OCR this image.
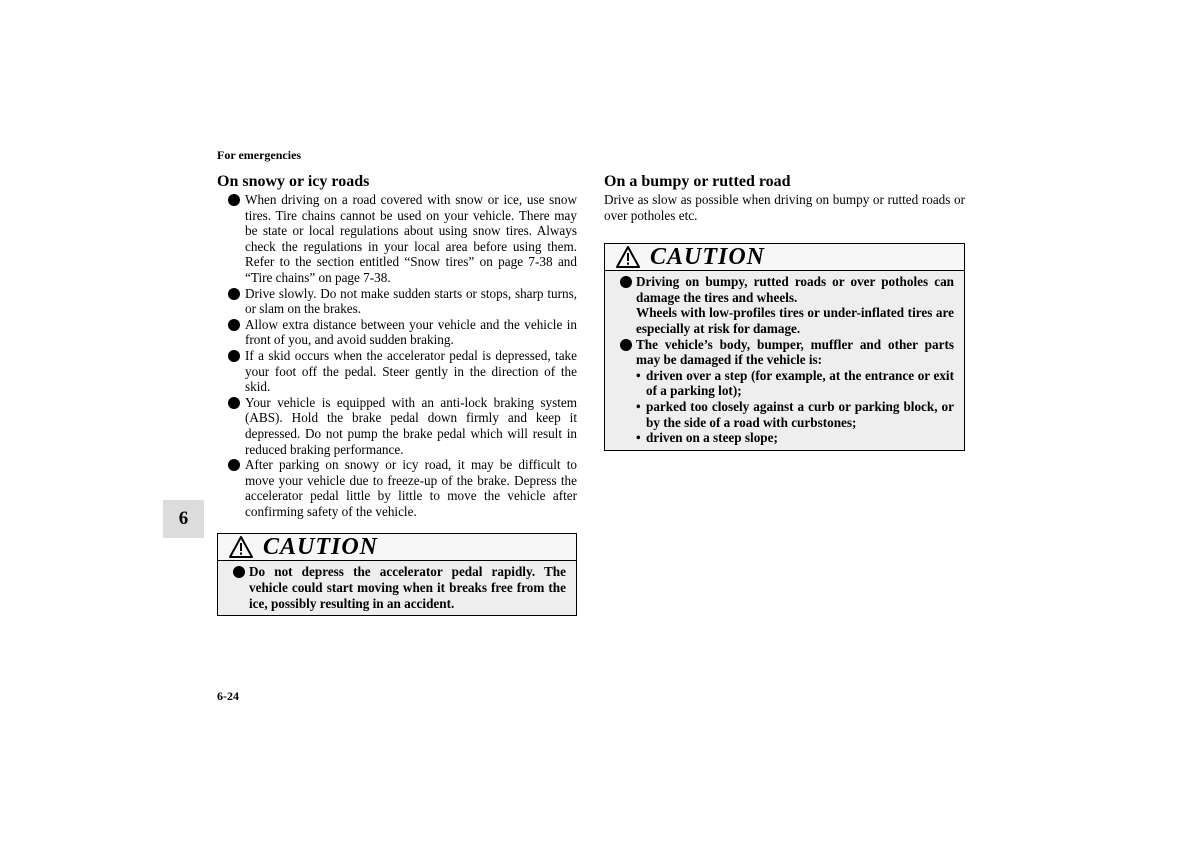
For emergencies
6
On snowy or icy roads
When driving on a road covered with snow or ice, use snow tires. Tire chains cannot be used on your vehicle. There may be state or local regulations about using snow tires. Always check the regulations in your local area before using them. Refer to the section entitled “Snow tires” on page 7-38 and “Tire chains” on page 7-38.
Drive slowly. Do not make sudden starts or stops, sharp turns, or slam on the brakes.
Allow extra distance between your vehicle and the vehicle in front of you, and avoid sudden braking.
If a skid occurs when the accelerator pedal is depressed, take your foot off the pedal. Steer gently in the direction of the skid.
Your vehicle is equipped with an anti-lock braking system (ABS). Hold the brake pedal down firmly and keep it depressed. Do not pump the brake pedal which will result in reduced braking performance.
After parking on snowy or icy road, it may be difficult to move your vehicle due to freeze-up of the brake. Depress the accelerator pedal little by little to move the vehicle after confirming safety of the vehicle.
CAUTION
Do not depress the accelerator pedal rapidly. The vehicle could start moving when it breaks free from the ice, possibly resulting in an accident.
On a bumpy or rutted road

Drive as slow as possible when driving on bumpy or rutted roads or over potholes etc.

CAUTION
Driving on bumpy, rutted roads or over potholes can damage the tires and wheels.
Wheels with low-profiles tires or under-inflated tires are especially at risk for damage.
The vehicle’s body, bumper, muffler and other parts may be damaged if the vehicle is:
• driven over a step (for example, at the entrance or exit of a parking lot);
• parked too closely against a curb or parking block, or by the side of a road with curbstones;
• driven on a steep slope;
6-24
